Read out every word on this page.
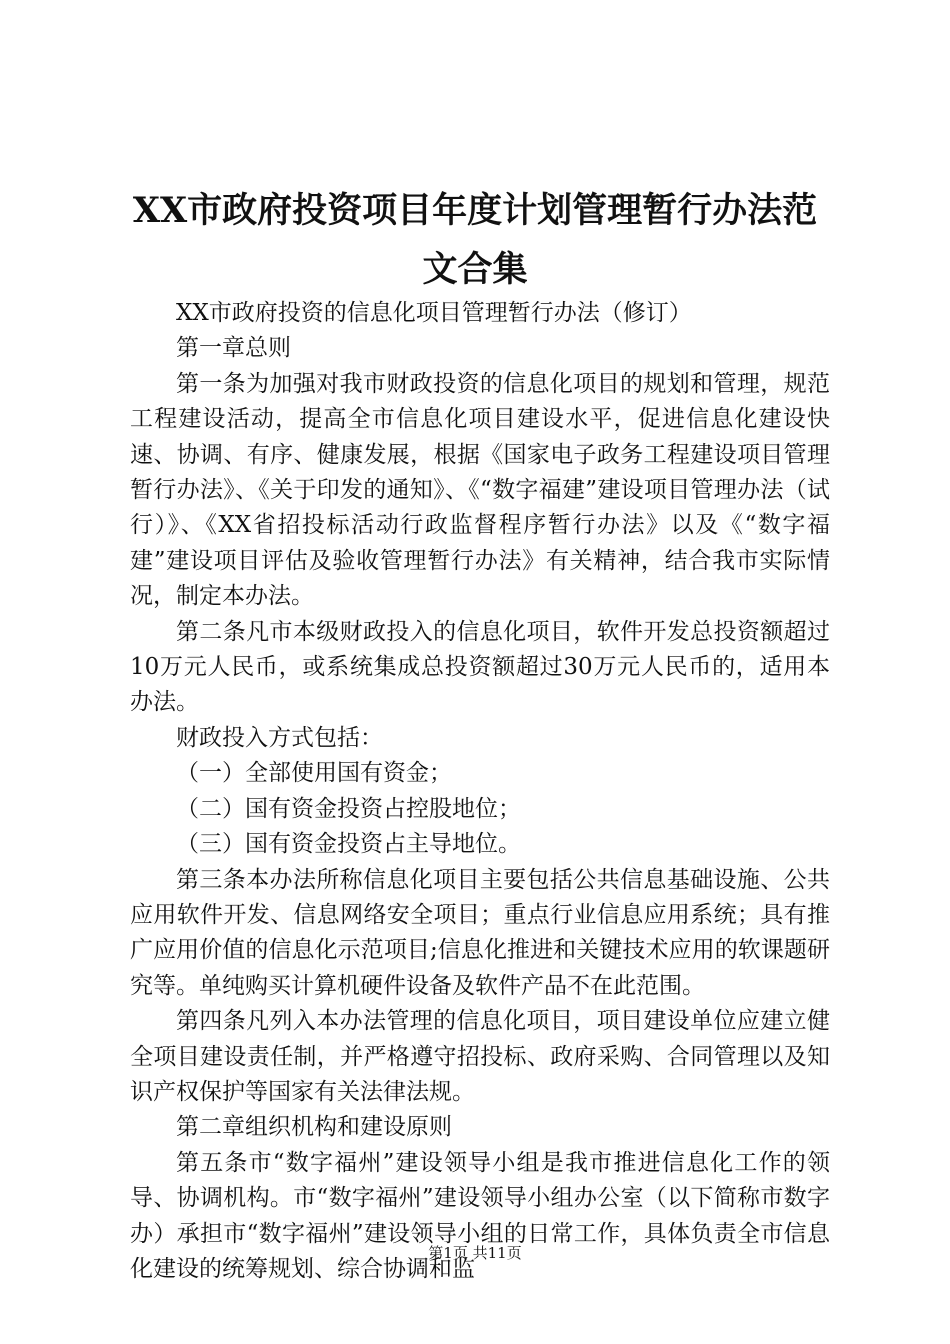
XX市政府投资项目年度计划管理暂行办法范
文合集

XX市政府投资的信息化项目管理暂行办法（修订）

第一章总则

第一条为加强对我市财政投资的信息化项目的规划和管理，规范工程建设活动，提高全市信息化项目建设水平，促进信息化建设快速、协调、有序、健康发展，根据《国家电子政务工程建设项目管理暂行办法》、《关于印发的通知》、《“数字福建”建设项目管理办法（试行）》、《XX省招投标活动行政监督程序暂行办法》以及《“数字福建”建设项目评估及验收管理暂行办法》有关精神，结合我市实际情况，制定本办法。

第二条凡市本级财政投入的信息化项目，软件开发总投资额超过10万元人民币，或系统集成总投资额超过30万元人民币的，适用本办法。

财政投入方式包括：

（一）全部使用国有资金；

（二）国有资金投资占控股地位；

（三）国有资金投资占主导地位。

第三条本办法所称信息化项目主要包括公共信息基础设施、公共应用软件开发、信息网络安全项目；重点行业信息应用系统；具有推广应用价值的信息化示范项目;信息化推进和关键技术应用的软课题研究等。单纯购买计算机硬件设备及软件产品不在此范围。

第四条凡列入本办法管理的信息化项目，项目建设单位应建立健全项目建设责任制，并严格遵守招投标、政府采购、合同管理以及知识产权保护等国家有关法律法规。

第二章组织机构和建设原则

第五条市“数字福州”建设领导小组是我市推进信息化工作的领导、协调机构。市“数字福州”建设领导小组办公室（以下简称市数字办）承担市“数字福州”建设领导小组的日常工作，具体负责全市信息化建设的统筹规划、综合协调和监

第1页 共11页
